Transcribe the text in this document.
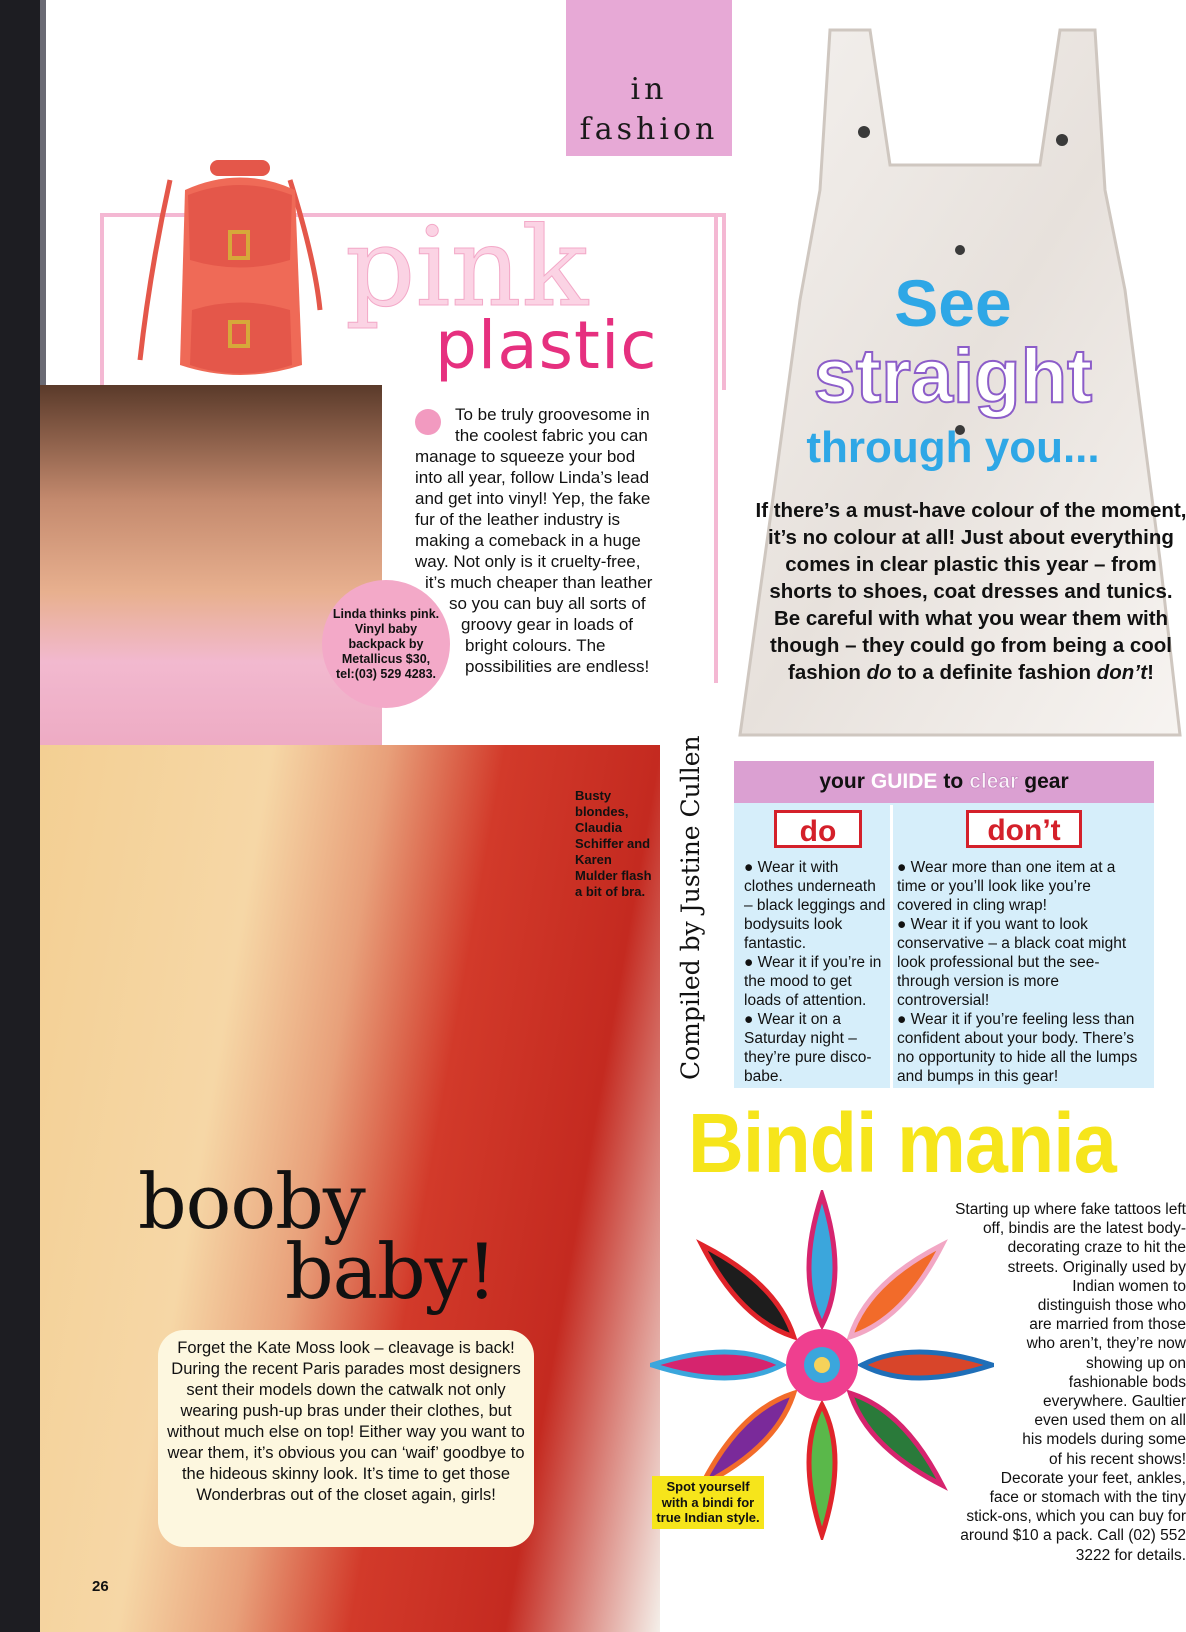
in
fashion
pink
plastic
To be truly groovesome in
the coolest fabric you can
manage to squeeze your bod
into all year, follow Linda’s lead
and get into vinyl! Yep, the fake
fur of the leather industry is
making a comeback in a huge
way. Not only is it cruelty-free,
it’s much cheaper than leather
so you can buy all sorts of
groovy gear in loads of
bright colours. The
possibilities are endless!
Linda thinks pink. Vinyl baby backpack by Metallicus $30, tel:(03) 529 4283.
See
straight
through you...
If there’s a must-have colour of the moment, it’s no colour at all! Just about everything comes in clear plastic this year – from shorts to shoes, coat dresses and tunics. Be careful with what you wear them with though – they could go from being a cool fashion do to a definite fashion don’t!
Compiled by Justine Cullen	your GUIDE to clear gear
do	don’t

● Wear it with clothes underneath – black leggings and bodysuits look fantastic.

● Wear it if you’re in the mood to get loads of attention.

● Wear it on a Saturday night – they’re pure disco-babe.

● Wear more than one item at a time or you’ll look like you’re covered in cling wrap!

● Wear it if you want to look conservative – a black coat might look professional but the see-through version is more controversial!

● Wear it if you’re feeling less than confident about your body. There’s no opportunity to hide all the lumps and bumps in this gear!

Bindi mania
Starting up where fake tattoos left
off, bindis are the latest body-
decorating craze to hit the
streets. Originally used by
Indian women to
distinguish those who
are married from those
who aren’t, they’re now
showing up on
fashionable bods
everywhere. Gaultier
even used them on all
his models during some
of his recent shows!
Decorate your feet, ankles,
face or stomach with the tiny
stick-ons, which you can buy for
around $10 a pack. Call (02) 552
3222 for details.
Spot yourself with a bindi for true Indian style.
Busty blondes, Claudia Schiffer and Karen Mulder flash a bit of bra.
booby
baby!
Forget the Kate Moss look – cleavage is back! During the recent Paris parades most designers sent their models down the catwalk not only wearing push-up bras under their clothes, but without much else on top! Either way you want to wear them, it’s obvious you can ‘waif’ goodbye to the hideous skinny look. It’s time to get those Wonderbras out of the closet again, girls!
26
